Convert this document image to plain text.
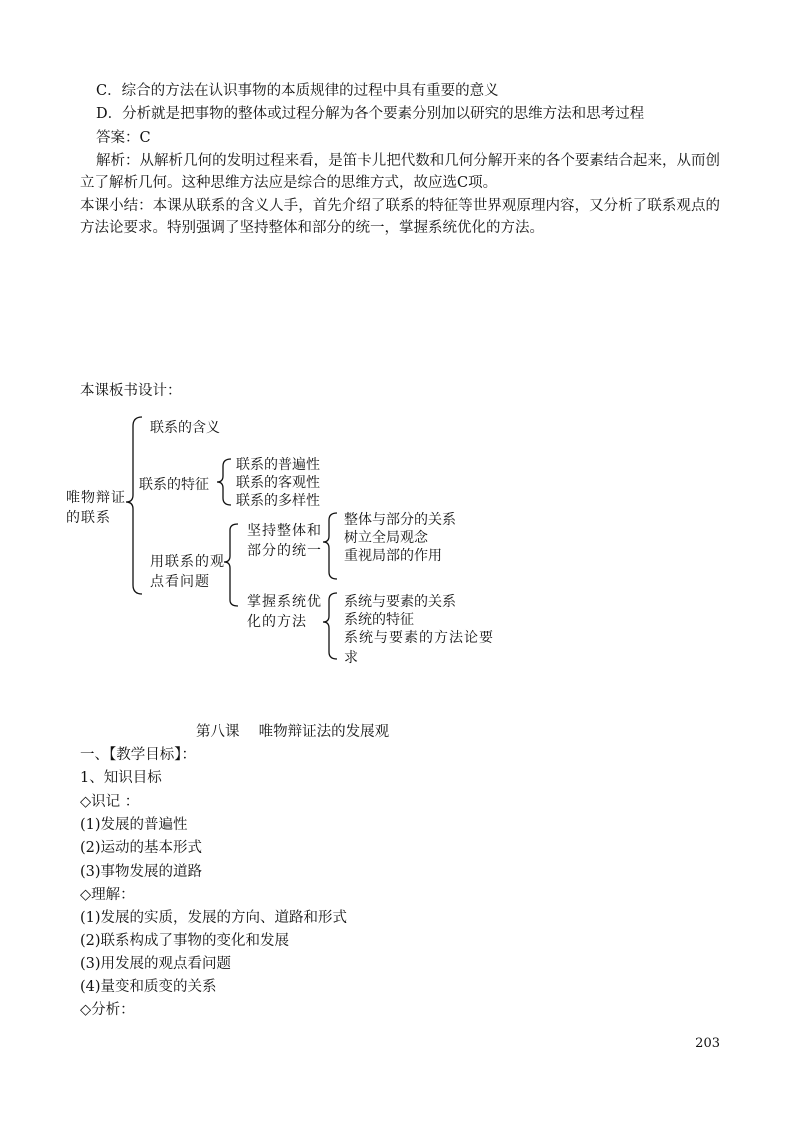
C．综合的方法在认识事物的本质规律的过程中具有重要的意义
D．分析就是把事物的整体或过程分解为各个要素分别加以研究的思维方法和思考过程
答案：C
解析：从解析几何的发明过程来看，是笛卡儿把代数和几何分解开来的各个要素结合起来，从而创立了解析几何。这种思维方法应是综合的思维方式，故应选C项。
本课小结：本课从联系的含义人手，首先介绍了联系的特征等世界观原理内容，又分析了联系观点的方法论要求。特别强调了坚持整体和部分的统一，掌握系统优化的方法。
本课板书设计：
唯物辩证的联系
联系的含义
联系的特征
联系的普遍性
联系的客观性
联系的多样性
用联系的观点看问题
坚持整体和部分的统一
整体与部分的关系
树立全局观念
重视局部的作用
掌握系统优化的方法
系统与要素的关系
系统的特征
系统与要素的方法论要求
第八课　 唯物辩证法的发展观
一、【教学目标】：
1、知识目标
◇识记 ：
(1)发展的普遍性
(2)运动的基本形式
(3)事物发展的道路
◇理解：
(1)发展的实质，发展的方向、道路和形式
(2)联系构成了事物的变化和发展
(3)用发展的观点看问题
(4)量变和质变的关系
◇分析：
203
